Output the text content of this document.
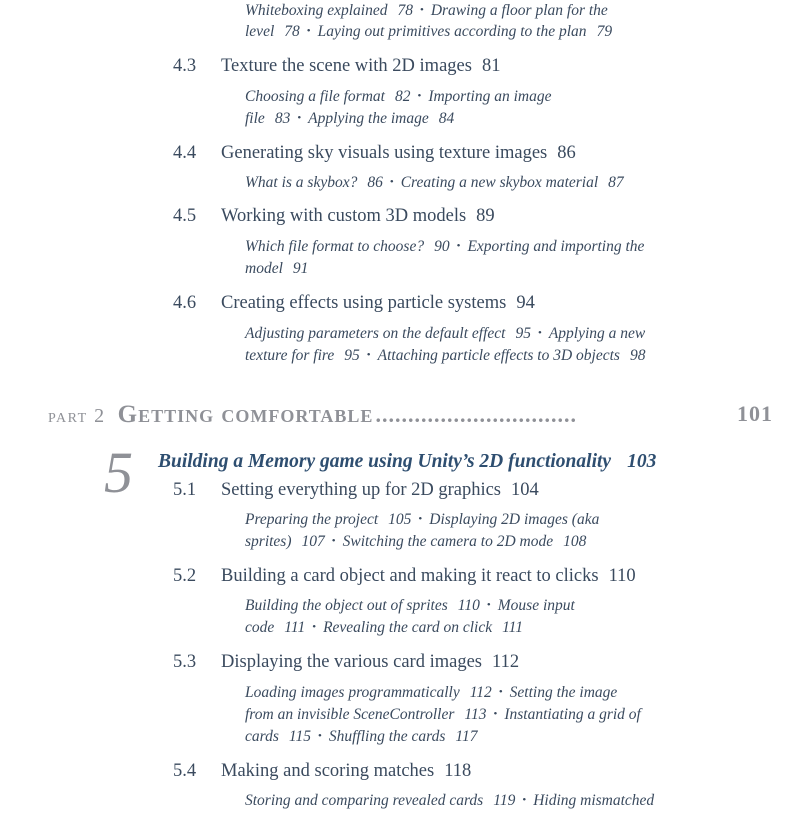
Whiteboxing explained 78 • Drawing a floor plan for the
level 78 • Laying out primitives according to the plan 79
4.3 Texture the scene with 2D images 81
Choosing a file format 82 • Importing an image
file 83 • Applying the image 84
4.4 Generating sky visuals using texture images 86
What is a skybox? 86 • Creating a new skybox material 87
4.5 Working with custom 3D models 89
Which file format to choose? 90 • Exporting and importing the
model 91
4.6 Creating effects using particle systems 94
Adjusting parameters on the default effect 95 • Applying a new
texture for fire 95 • Attaching particle effects to 3D objects 98
part 2 Getting comfortable...............................	101
5 Building a Memory game using Unity’s 2D functionality 103
5.1 Setting everything up for 2D graphics 104
Preparing the project 105 • Displaying 2D images (aka
sprites) 107 • Switching the camera to 2D mode 108
5.2 Building a card object and making it react to clicks 110
Building the object out of sprites 110 • Mouse input
code 111 • Revealing the card on click 111
5.3 Displaying the various card images 112
Loading images programmatically 112 • Setting the image
from an invisible SceneController 113 • Instantiating a grid of
cards 115 • Shuffling the cards 117
5.4 Making and scoring matches 118
Storing and comparing revealed cards 119 • Hiding mismatched
